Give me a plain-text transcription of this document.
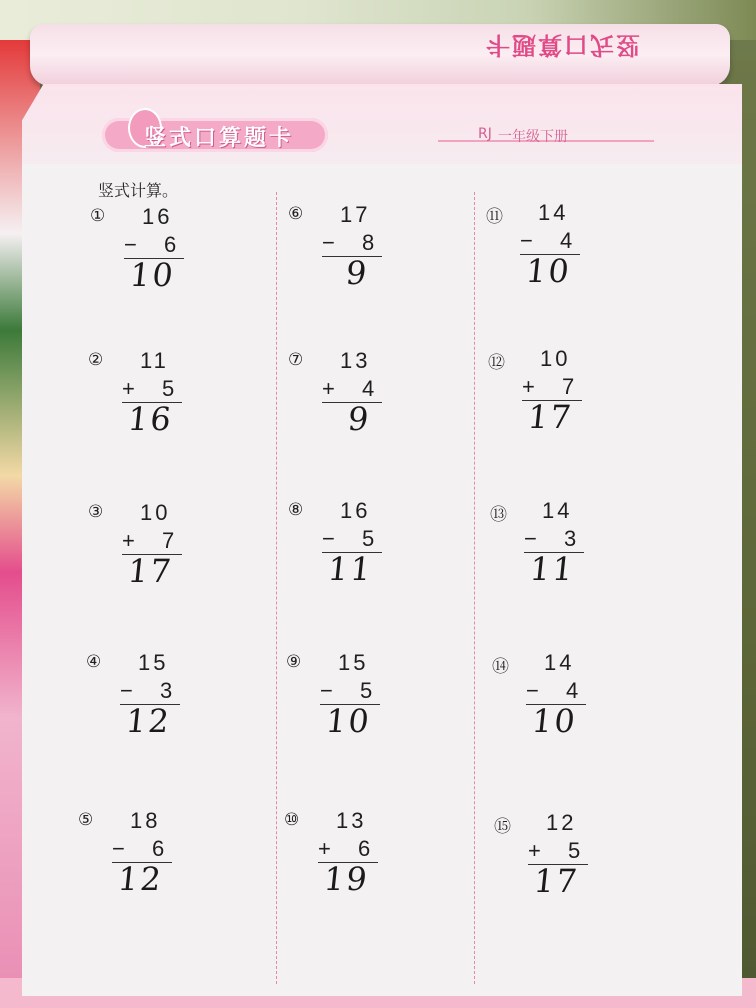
竖式口算题卡
竖式口算题卡	RJ 一年级下册
竖式计算。
① 16
− 6
10
② 11
+ 5
16
③ 10
+ 7
17
④ 15
− 3
12
⑤ 18
− 6
12
⑥ 17
− 8
9
⑦ 13
+ 4
9
⑧ 16
− 5
11
⑨ 15
− 5
10
⑩ 13
+ 6
19
⑪ 14
− 4
10
⑫ 10
+ 7
17
⑬ 14
− 3
11
⑭ 14
− 4
10
⑮ 12
+ 5
17
